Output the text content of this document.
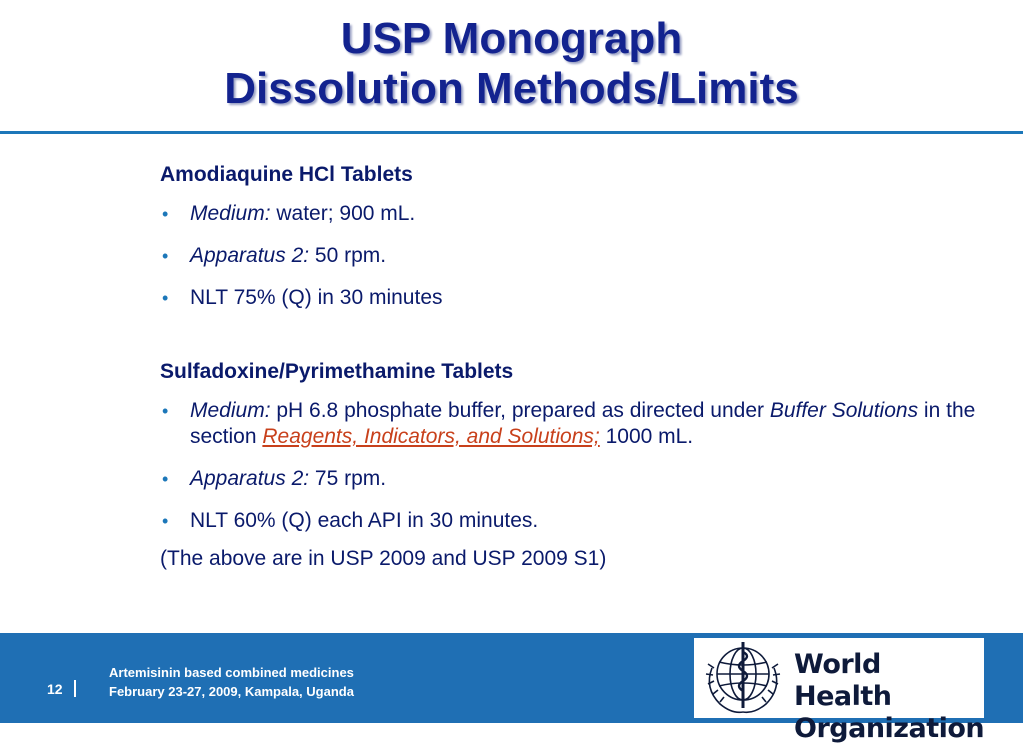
USP Monograph
Dissolution Methods/Limits
Amodiaquine HCl Tablets
• Medium: water; 900 mL.
• Apparatus 2: 50 rpm.
• NLT 75% (Q) in 30 minutes
Sulfadoxine/Pyrimethamine Tablets
• Medium: pH 6.8 phosphate buffer, prepared as directed under Buffer Solutions in the section Reagents, Indicators, and Solutions; 1000 mL.
• Apparatus 2: 75 rpm.
• NLT 60% (Q) each API in 30 minutes.
(The above are in USP 2009 and USP 2009 S1)
12
Artemisinin based combined medicines
February 23-27, 2009, Kampala, Uganda
World Health
Organization
